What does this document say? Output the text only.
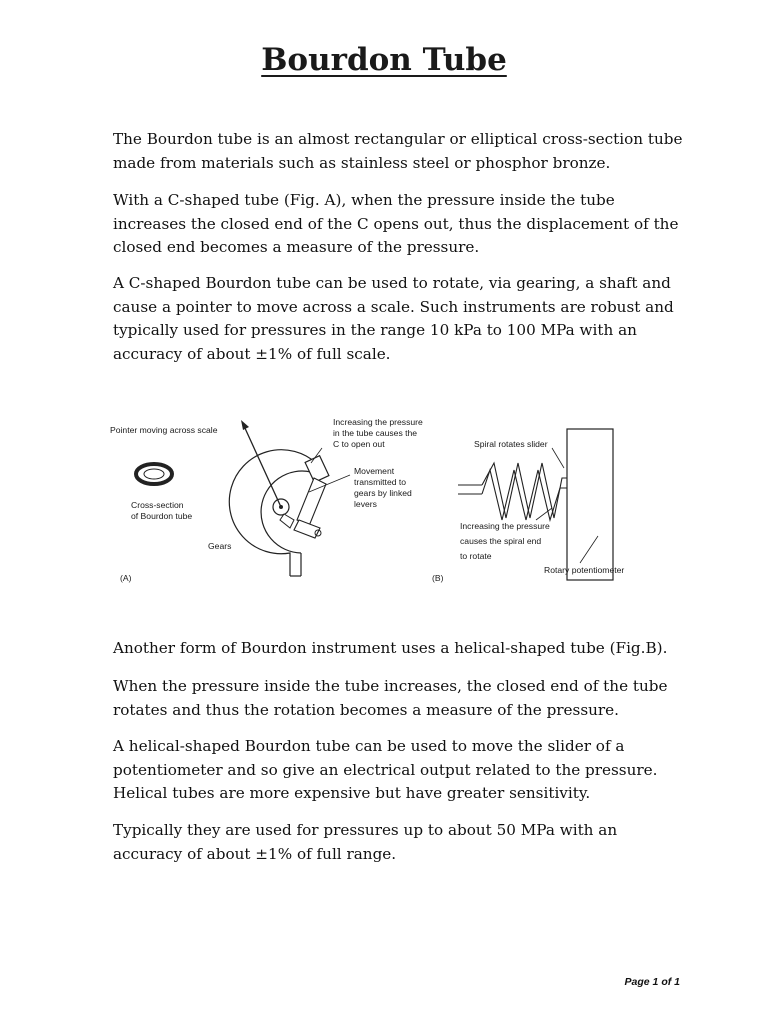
Bourdon Tube

The Bourdon tube is an almost rectangular or elliptical cross-section tube made from materials such as stainless steel or phosphor bronze.

With a C-shaped tube (Fig. A), when the pressure inside the tube increases the closed end of the C opens out, thus the displacement of the closed end becomes a measure of the pressure.

A C-shaped Bourdon tube can be used to rotate, via gearing, a shaft and cause a pointer to move across a scale. Such instruments are robust and typically used for pressures in the range 10 kPa to 100 MPa with an accuracy of about ±1% of full scale.

Pointer moving across scale
Increasing the pressure
in the tube causes the
C to open out
Movement
transmitted to
gears by linked
levers
Cross-section
of Bourdon tube
Gears
(A)
Spiral rotates slider
Increasing the pressure
causes the spiral end
to rotate
Rotary potentiometer
(B)

Another form of Bourdon instrument uses a helical-shaped tube (Fig.B).

When the pressure inside the tube increases, the closed end of the tube rotates and thus the rotation becomes a measure of the pressure.

A helical-shaped Bourdon tube can be used to move the slider of a potentiometer and so give an electrical output related to the pressure. Helical tubes are more expensive but have greater sensitivity.

Typically they are used for pressures up to about 50 MPa with an accuracy of about ±1% of full range.

Page 1 of 1
